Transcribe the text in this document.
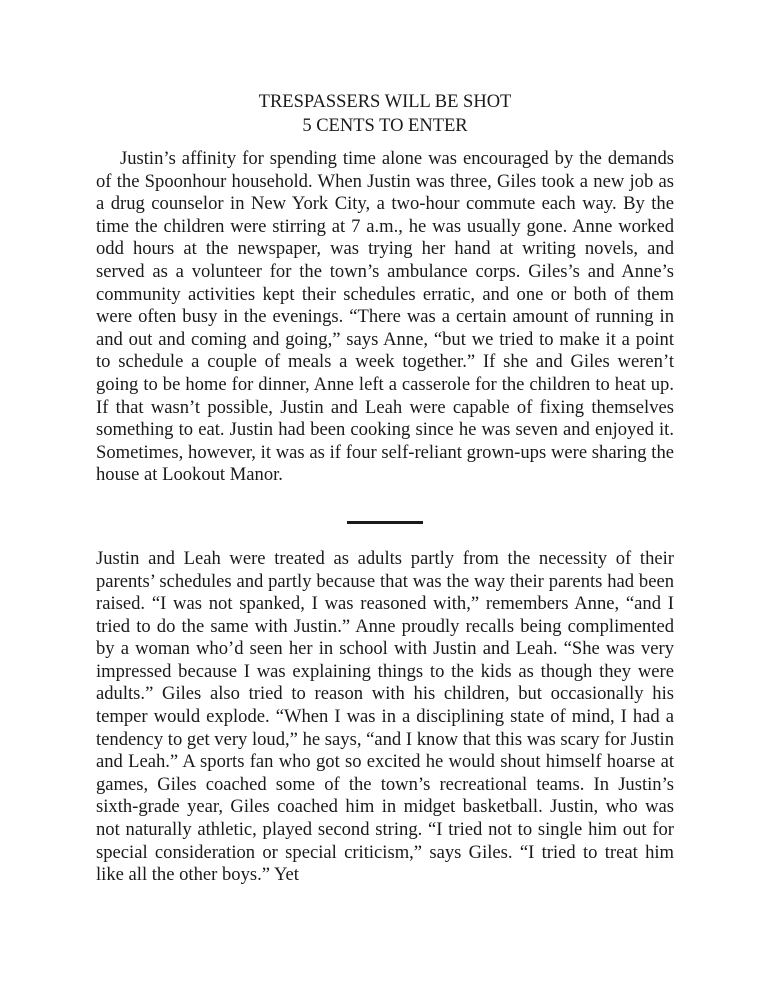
TRESPASSERS WILL BE SHOT
5 CENTS TO ENTER

Justin’s affinity for spending time alone was encouraged by the demands of the Spoonhour household. When Justin was three, Giles took a new job as a drug counselor in New York City, a two-hour commute each way. By the time the children were stirring at 7 a.m., he was usually gone. Anne worked odd hours at the newspaper, was trying her hand at writing novels, and served as a volunteer for the town’s ambulance corps. Giles’s and Anne’s community activities kept their schedules erratic, and one or both of them were often busy in the evenings. “There was a certain amount of running in and out and coming and going,” says Anne, “but we tried to make it a point to schedule a couple of meals a week together.” If she and Giles weren’t going to be home for dinner, Anne left a casserole for the children to heat up. If that wasn’t possible, Justin and Leah were capable of fixing themselves something to eat. Justin had been cooking since he was seven and enjoyed it. Sometimes, however, it was as if four self-reliant grown-ups were sharing the house at Lookout Manor.

Justin and Leah were treated as adults partly from the necessity of their parents’ schedules and partly because that was the way their parents had been raised. “I was not spanked, I was reasoned with,” remembers Anne, “and I tried to do the same with Justin.” Anne proudly recalls being complimented by a woman who’d seen her in school with Justin and Leah. “She was very impressed because I was explaining things to the kids as though they were adults.” Giles also tried to reason with his children, but occasionally his temper would explode. “When I was in a disciplining state of mind, I had a tendency to get very loud,” he says, “and I know that this was scary for Justin and Leah.” A sports fan who got so excited he would shout himself hoarse at games, Giles coached some of the town’s recreational teams. In Justin’s sixth-grade year, Giles coached him in midget basketball. Justin, who was not naturally athletic, played second string. “I tried not to single him out for special consideration or special criticism,” says Giles. “I tried to treat him like all the other boys.” Yet
